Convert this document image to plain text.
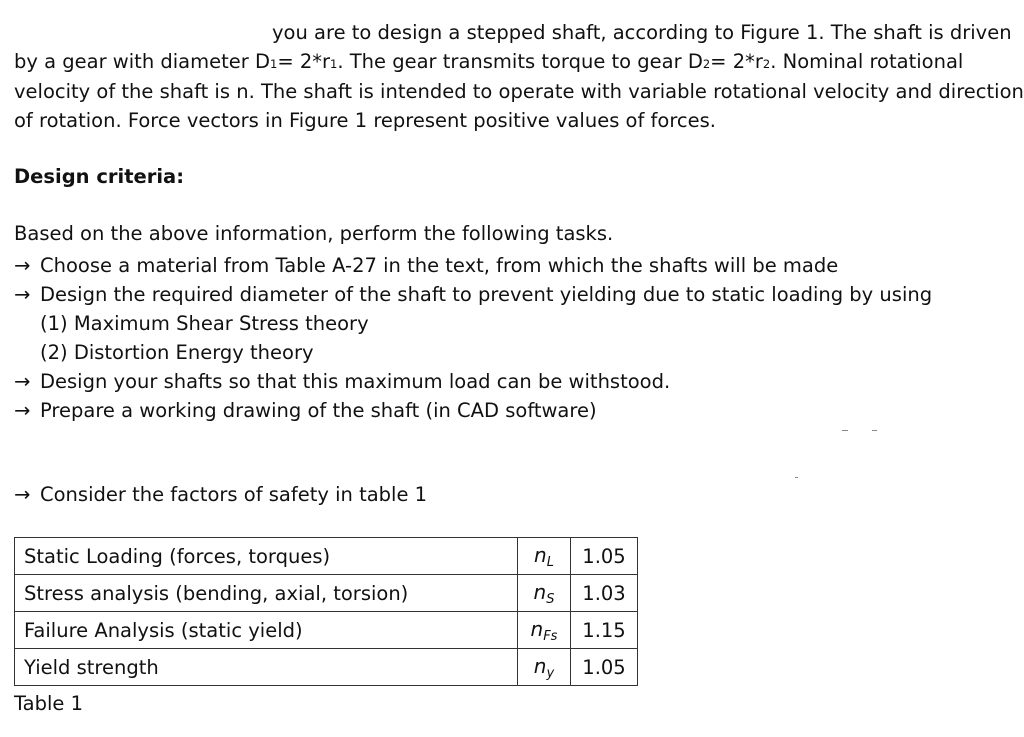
you are to design a stepped shaft, according to Figure 1. The shaft is driven
by a gear with diameter D1= 2*r1. The gear transmits torque to gear D2= 2*r2. Nominal rotational
velocity of the shaft is n. The shaft is intended to operate with variable rotational velocity and direction
of rotation. Force vectors in Figure 1 represent positive values of forces.
Design criteria:
Based on the above information, perform the following tasks.
→ Choose a material from Table A-27 in the text, from which the shafts will be made
→ Design the required diameter of the shaft to prevent yielding due to static loading by using
(1) Maximum Shear Stress theory
(2) Distortion Energy theory
→ Design your shafts so that this maximum load can be withstood.
→ Prepare a working drawing of the shaft (in CAD software)
→ Consider the factors of safety in table 1
Static Loading (forces, torques)	$n_L$	1.05
Stress analysis (bending, axial, torsion)	$n_S$	1.03
Failure Analysis (static yield)	$n_{Fs}$	1.15
Yield strength	$n_y$	1.05
Table 1
